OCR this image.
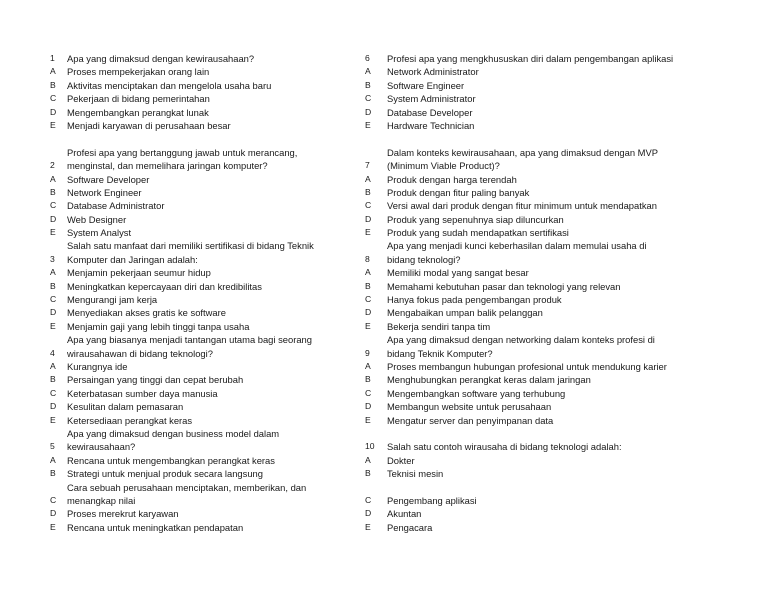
1	Apa yang dimaksud dengan kewirausahaan?
A	Proses mempekerjakan orang lain
B	Aktivitas menciptakan dan mengelola usaha baru
C	Pekerjaan di bidang pemerintahan
D	Mengembangkan perangkat lunak
E	Menjadi karyawan di perusahaan besar
Profesi apa yang bertanggung jawab untuk merancang,
2	menginstal, dan memelihara jaringan komputer?
A	Software Developer
B	Network Engineer
C	Database Administrator
D	Web Designer
E	System Analyst
Salah satu manfaat dari memiliki sertifikasi di bidang Teknik
3	Komputer dan Jaringan adalah:
A	Menjamin pekerjaan seumur hidup
B	Meningkatkan kepercayaan diri dan kredibilitas
C	Mengurangi jam kerja
D	Menyediakan akses gratis ke software
E	Menjamin gaji yang lebih tinggi tanpa usaha
Apa yang biasanya menjadi tantangan utama bagi seorang
4	wirausahawan di bidang teknologi?
A	Kurangnya ide
B	Persaingan yang tinggi dan cepat berubah
C	Keterbatasan sumber daya manusia
D	Kesulitan dalam pemasaran
E	Ketersediaan perangkat keras
Apa yang dimaksud dengan business model dalam
5	kewirausahaan?
A	Rencana untuk mengembangkan perangkat keras
B	Strategi untuk menjual produk secara langsung
Cara sebuah perusahaan menciptakan, memberikan, dan
C	menangkap nilai
D	Proses merekrut karyawan
E	Rencana untuk meningkatkan pendapatan
6	Profesi apa yang mengkhususkan diri dalam pengembangan aplikasi
A	Network Administrator
B	Software Engineer
C	System Administrator
D	Database Developer
E	Hardware Technician
Dalam konteks kewirausahaan, apa yang dimaksud dengan MVP
7	(Minimum Viable Product)?
A	Produk dengan harga terendah
B	Produk dengan fitur paling banyak
C	Versi awal dari produk dengan fitur minimum untuk mendapatkan
D	Produk yang sepenuhnya siap diluncurkan
E	Produk yang sudah mendapatkan sertifikasi
Apa yang menjadi kunci keberhasilan dalam memulai usaha di
8	bidang teknologi?
A	Memiliki modal yang sangat besar
B	Memahami kebutuhan pasar dan teknologi yang relevan
C	Hanya fokus pada pengembangan produk
D	Mengabaikan umpan balik pelanggan
E	Bekerja sendiri tanpa tim
Apa yang dimaksud dengan networking dalam konteks profesi di
9	bidang Teknik Komputer?
A	Proses membangun hubungan profesional untuk mendukung karier
B	Menghubungkan perangkat keras dalam jaringan
C	Mengembangkan software yang terhubung
D	Membangun website untuk perusahaan
E	Mengatur server dan penyimpanan data
10	Salah satu contoh wirausaha di bidang teknologi adalah:
A	Dokter
B	Teknisi mesin
C	Pengembang aplikasi
D	Akuntan
E	Pengacara
